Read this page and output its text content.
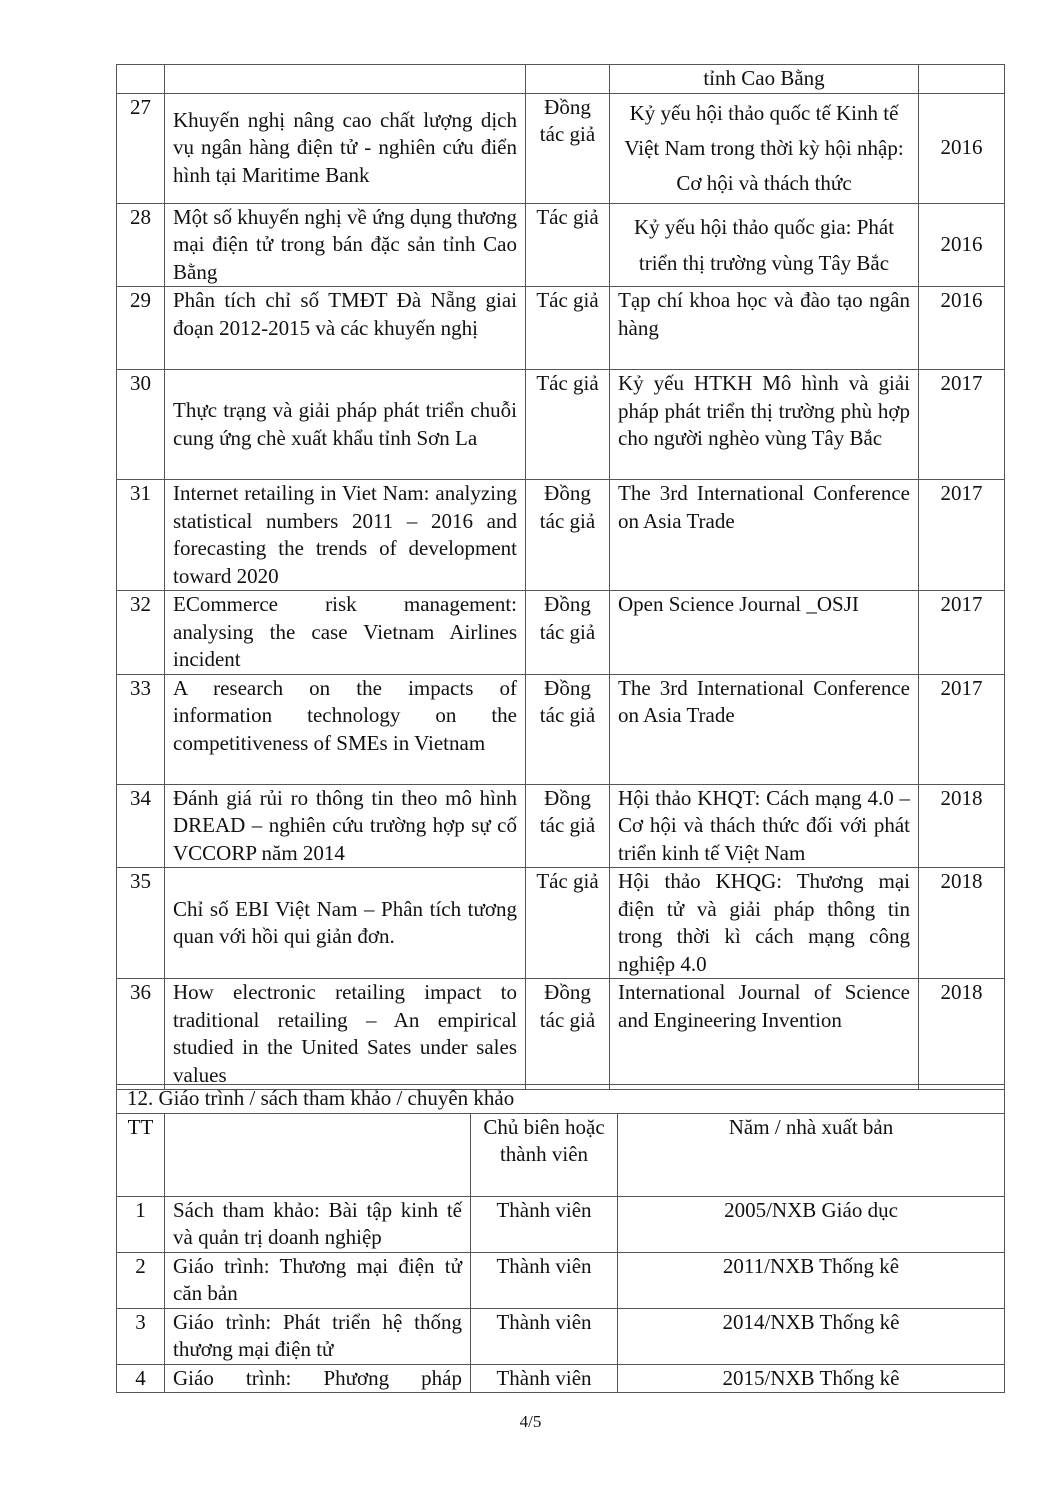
			tỉnh Cao Bằng	
27	Khuyến nghị nâng cao chất lượng dịch vụ ngân hàng điện tử - nghiên cứu điển hình tại Maritime Bank	Đồng tác giả	Kỷ yếu hội thảo quốc tế Kinh tế Việt Nam trong thời kỳ hội nhập: Cơ hội và thách thức	2016
28	Một số khuyến nghị về ứng dụng thương mại điện tử trong bán đặc sản tỉnh Cao Bằng	Tác giả	Kỷ yếu hội thảo quốc gia: Phát triển thị trường vùng Tây Bắc	2016
29	Phân tích chỉ số TMĐT Đà Nẵng giai đoạn 2012-2015 và các khuyến nghị	Tác giả	Tạp chí khoa học và đào tạo ngân hàng	2016
30	Thực trạng và giải pháp phát triển chuỗi cung ứng chè xuất khẩu tỉnh Sơn La	Tác giả	Kỷ yếu HTKH Mô hình và giải pháp phát triển thị trường phù hợp cho người nghèo vùng Tây Bắc	2017
31	Internet retailing in Viet Nam: analyzing statistical numbers 2011 – 2016 and forecasting the trends of development toward 2020	Đồng tác giả	The 3rd International Conference on Asia Trade	2017
32	ECommerce risk management: analysing the case Vietnam Airlines incident	Đồng tác giả	Open Science Journal _OSJI	2017
33	A research on the impacts of information technology on the competitiveness of SMEs in Vietnam	Đồng tác giả	The 3rd International Conference on Asia Trade	2017
34	Đánh giá rủi ro thông tin theo mô hình DREAD – nghiên cứu trường hợp sự cố VCCORP năm 2014	Đồng tác giả	Hội thảo KHQT: Cách mạng 4.0 – Cơ hội và thách thức đối với phát triển kinh tế Việt Nam	2018
35	Chỉ số EBI Việt Nam – Phân tích tương quan với hồi qui giản đơn.	Tác giả	Hội thảo KHQG: Thương mại điện tử và giải pháp thông tin trong thời kì cách mạng công nghiệp 4.0	2018
36	How electronic retailing impact to traditional retailing – An empirical studied in the United Sates under sales values	Đồng tác giả	International Journal of Science and Engineering Invention	2018
12. Giáo trình / sách tham khảo / chuyên khảo			
TT		Chủ biên hoặc thành viên	Năm / nhà xuất bản
1	Sách tham khảo: Bài tập kinh tế và quản trị doanh nghiệp	Thành viên	2005/NXB Giáo dục
2	Giáo trình: Thương mại điện tử căn bản	Thành viên	2011/NXB Thống kê
3	Giáo trình: Phát triển hệ thống thương mại điện tử	Thành viên	2014/NXB Thống kê
4	Giáo trình: Phương pháp	Thành viên	2015/NXB Thống kê
4/5
